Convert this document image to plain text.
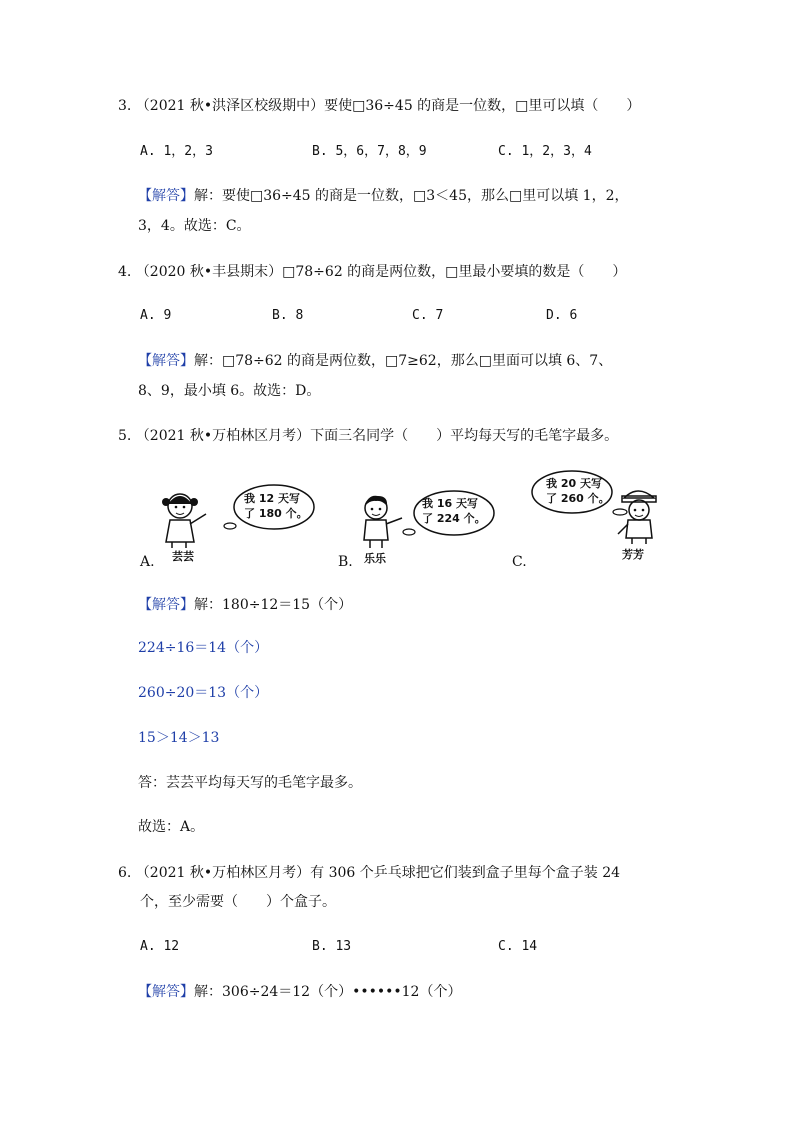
3. （2021 秋•洪泽区校级期中）要使□36÷45 的商是一位数，□里可以填（　　）
A. 1，2，3	B. 5，6，7，8，9	C. 1，2，3，4
【解答】解：要使□36÷45 的商是一位数，□3＜45，那么□里可以填 1，2，
3，4。故选：C。
4. （2020 秋•丰县期末）□78÷62 的商是两位数，□里最小要填的数是（　　）
A. 9	B. 8	C. 7	D. 6
【解答】解：□78÷62 的商是两位数，□7≥62，那么□里面可以填 6、7、
8、9，最小填 6。故选：D。
5. （2021 秋•万柏林区月考）下面三名同学（　　）平均每天写的毛笔字最多。
我 12 天写
了 180 个。
芸芸
A.
我 16 天写
了 224 个。
乐乐
B.
我 20 天写
了 260 个。
芳芳
C.
【解答】解：180÷12＝15（个）
224÷16＝14（个）
260÷20＝13（个）
15＞14＞13
答：芸芸平均每天写的毛笔字最多。
故选：A。
6. （2021 秋•万柏林区月考）有 306 个乒乓球把它们装到盒子里每个盒子装 24
个，至少需要（　　）个盒子。
A. 12	B. 13	C. 14
【解答】解：306÷24＝12（个）••••••12（个）
